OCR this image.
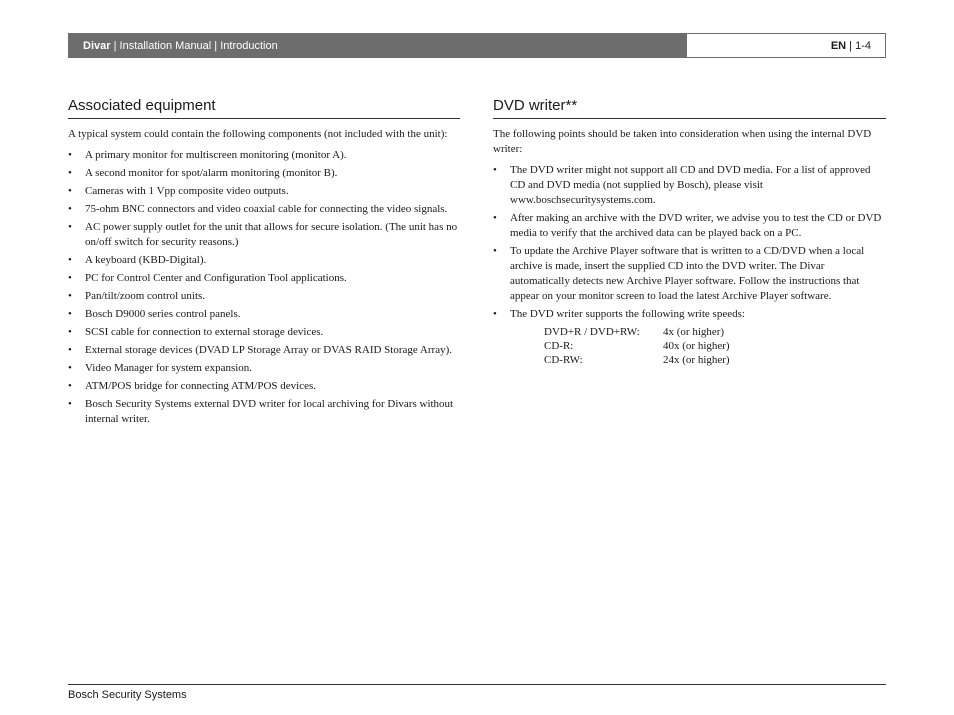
Divar | Installation Manual | Introduction	EN | 1-4
Associated equipment

A typical system could contain the following components (not included with the unit):

• A primary monitor for multiscreen monitoring (monitor A).
• A second monitor for spot/alarm monitoring (monitor B).
• Cameras with 1 Vpp composite video outputs.
• 75-ohm BNC connectors and video coaxial cable for connecting the video signals.
• AC power supply outlet for the unit that allows for secure isolation. (The unit has no on/off switch for security reasons.)
• A keyboard (KBD-Digital).
• PC for Control Center and Configuration Tool applications.
• Pan/tilt/zoom control units.
• Bosch D9000 series control panels.
• SCSI cable for connection to external storage devices.
• External storage devices (DVAD LP Storage Array or DVAS RAID Storage Array).
• Video Manager for system expansion.
• ATM/POS bridge for connecting ATM/POS devices.
• Bosch Security Systems external DVD writer for local archiving for Divars without internal writer.
DVD writer**

The following points should be taken into consideration when using the internal DVD writer:

• The DVD writer might not support all CD and DVD media. For a list of approved CD and DVD media (not supplied by Bosch), please visit www.boschsecuritysystems.com.
• After making an archive with the DVD writer, we advise you to test the CD or DVD media to verify that the archived data can be played back on a PC.
• To update the Archive Player software that is written to a CD/DVD when a local archive is made, insert the supplied CD into the DVD writer. The Divar automatically detects new Archive Player software. Follow the instructions that appear on your monitor screen to load the latest Archive Player software.
• The DVD writer supports the following write speeds:
DVD+R / DVD+RW:	4x (or higher)
CD-R:	40x (or higher)
CD-RW:	24x (or higher)
Bosch Security Systems
